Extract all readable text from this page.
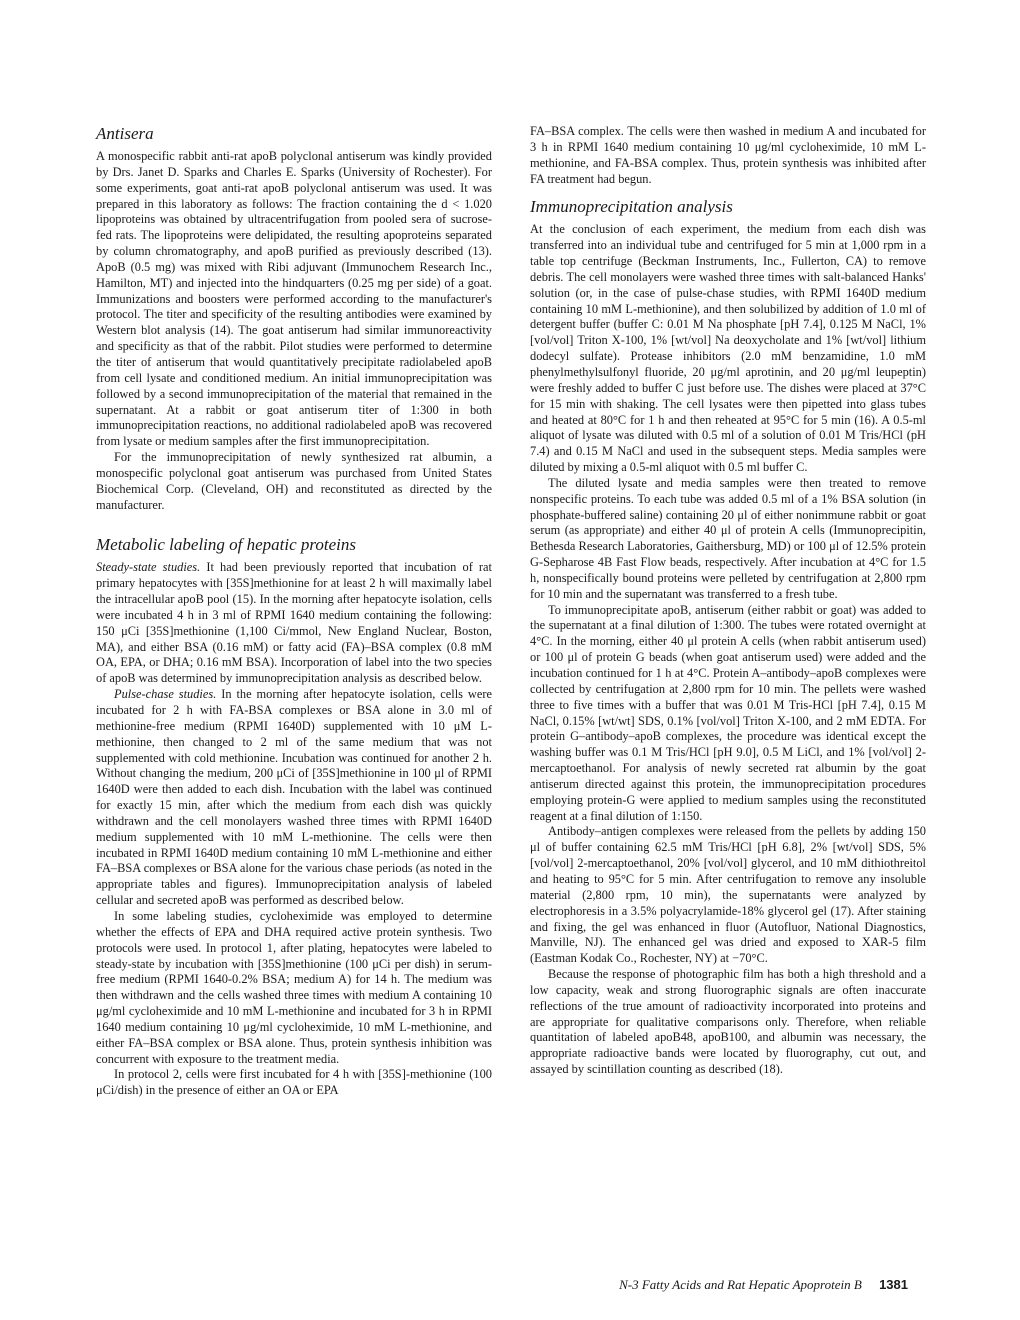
Antisera

A monospecific rabbit anti-rat apoB polyclonal antiserum was kindly provided by Drs. Janet D. Sparks and Charles E. Sparks (University of Rochester). For some experiments, goat anti-rat apoB polyclonal antiserum was used. It was prepared in this laboratory as follows: The fraction containing the d < 1.020 lipoproteins was obtained by ultracentrifugation from pooled sera of sucrose-fed rats. The lipoproteins were delipidated, the resulting apoproteins separated by column chromatography, and apoB purified as previously described (13). ApoB (0.5 mg) was mixed with Ribi adjuvant (Immunochem Research Inc., Hamilton, MT) and injected into the hindquarters (0.25 mg per side) of a goat. Immunizations and boosters were performed according to the manufacturer's protocol. The titer and specificity of the resulting antibodies were examined by Western blot analysis (14). The goat antiserum had similar immunoreactivity and specificity as that of the rabbit. Pilot studies were performed to determine the titer of antiserum that would quantitatively precipitate radiolabeled apoB from cell lysate and conditioned medium. An initial immunoprecipitation was followed by a second immunoprecipitation of the material that remained in the supernatant. At a rabbit or goat antiserum titer of 1:300 in both immunoprecipitation reactions, no additional radiolabeled apoB was recovered from lysate or medium samples after the first immunoprecipitation.

For the immunoprecipitation of newly synthesized rat albumin, a monospecific polyclonal goat antiserum was purchased from United States Biochemical Corp. (Cleveland, OH) and reconstituted as directed by the manufacturer.

Metabolic labeling of hepatic proteins

Steady-state studies. It had been previously reported that incubation of rat primary hepatocytes with [35S]methionine for at least 2 h will maximally label the intracellular apoB pool (15). In the morning after hepatocyte isolation, cells were incubated 4 h in 3 ml of RPMI 1640 medium containing the following: 150 μCi [35S]methionine (1,100 Ci/mmol, New England Nuclear, Boston, MA), and either BSA (0.16 mM) or fatty acid (FA)–BSA complex (0.8 mM OA, EPA, or DHA; 0.16 mM BSA). Incorporation of label into the two species of apoB was determined by immunoprecipitation analysis as described below.

Pulse-chase studies. In the morning after hepatocyte isolation, cells were incubated for 2 h with FA-BSA complexes or BSA alone in 3.0 ml of methionine-free medium (RPMI 1640D) supplemented with 10 μM L-methionine, then changed to 2 ml of the same medium that was not supplemented with cold methionine. Incubation was continued for another 2 h. Without changing the medium, 200 μCi of [35S]methionine in 100 μl of RPMI 1640D were then added to each dish. Incubation with the label was continued for exactly 15 min, after which the medium from each dish was quickly withdrawn and the cell monolayers washed three times with RPMI 1640D medium supplemented with 10 mM L-methionine. The cells were then incubated in RPMI 1640D medium containing 10 mM L-methionine and either FA–BSA complexes or BSA alone for the various chase periods (as noted in the appropriate tables and figures). Immunoprecipitation analysis of labeled cellular and secreted apoB was performed as described below.

In some labeling studies, cycloheximide was employed to determine whether the effects of EPA and DHA required active protein synthesis. Two protocols were used. In protocol 1, after plating, hepatocytes were labeled to steady-state by incubation with [35S]methionine (100 μCi per dish) in serum-free medium (RPMI 1640-0.2% BSA; medium A) for 14 h. The medium was then withdrawn and the cells washed three times with medium A containing 10 μg/ml cycloheximide and 10 mM L-methionine and incubated for 3 h in RPMI 1640 medium containing 10 μg/ml cycloheximide, 10 mM L-methionine, and either FA–BSA complex or BSA alone. Thus, protein synthesis inhibition was concurrent with exposure to the treatment media.

In protocol 2, cells were first incubated for 4 h with [35S]-methionine (100 μCi/dish) in the presence of either an OA or EPA

FA–BSA complex. The cells were then washed in medium A and incubated for 3 h in RPMI 1640 medium containing 10 μg/ml cycloheximide, 10 mM L-methionine, and FA-BSA complex. Thus, protein synthesis was inhibited after FA treatment had begun.

Immunoprecipitation analysis

At the conclusion of each experiment, the medium from each dish was transferred into an individual tube and centrifuged for 5 min at 1,000 rpm in a table top centrifuge (Beckman Instruments, Inc., Fullerton, CA) to remove debris. The cell monolayers were washed three times with salt-balanced Hanks' solution (or, in the case of pulse-chase studies, with RPMI 1640D medium containing 10 mM L-methionine), and then solubilized by addition of 1.0 ml of detergent buffer (buffer C: 0.01 M Na phosphate [pH 7.4], 0.125 M NaCl, 1% [vol/vol] Triton X-100, 1% [wt/vol] Na deoxycholate and 1% [wt/vol] lithium dodecyl sulfate). Protease inhibitors (2.0 mM benzamidine, 1.0 mM phenylmethylsulfonyl fluoride, 20 μg/ml aprotinin, and 20 μg/ml leupeptin) were freshly added to buffer C just before use. The dishes were placed at 37°C for 15 min with shaking. The cell lysates were then pipetted into glass tubes and heated at 80°C for 1 h and then reheated at 95°C for 5 min (16). A 0.5-ml aliquot of lysate was diluted with 0.5 ml of a solution of 0.01 M Tris/HCl (pH 7.4) and 0.15 M NaCl and used in the subsequent steps. Media samples were diluted by mixing a 0.5-ml aliquot with 0.5 ml buffer C.

The diluted lysate and media samples were then treated to remove nonspecific proteins. To each tube was added 0.5 ml of a 1% BSA solution (in phosphate-buffered saline) containing 20 μl of either nonimmune rabbit or goat serum (as appropriate) and either 40 μl of protein A cells (Immunoprecipitin, Bethesda Research Laboratories, Gaithersburg, MD) or 100 μl of 12.5% protein G-Sepharose 4B Fast Flow beads, respectively. After incubation at 4°C for 1.5 h, nonspecifically bound proteins were pelleted by centrifugation at 2,800 rpm for 10 min and the supernatant was transferred to a fresh tube.

To immunoprecipitate apoB, antiserum (either rabbit or goat) was added to the supernatant at a final dilution of 1:300. The tubes were rotated overnight at 4°C. In the morning, either 40 μl protein A cells (when rabbit antiserum used) or 100 μl of protein G beads (when goat antiserum used) were added and the incubation continued for 1 h at 4°C. Protein A–antibody–apoB complexes were collected by centrifugation at 2,800 rpm for 10 min. The pellets were washed three to five times with a buffer that was 0.01 M Tris-HCl [pH 7.4], 0.15 M NaCl, 0.15% [wt/wt] SDS, 0.1% [vol/vol] Triton X-100, and 2 mM EDTA. For protein G–antibody–apoB complexes, the procedure was identical except the washing buffer was 0.1 M Tris/HCl [pH 9.0], 0.5 M LiCl, and 1% [vol/vol] 2-mercaptoethanol. For analysis of newly secreted rat albumin by the goat antiserum directed against this protein, the immunoprecipitation procedures employing protein-G were applied to medium samples using the reconstituted reagent at a final dilution of 1:150.

Antibody–antigen complexes were released from the pellets by adding 150 μl of buffer containing 62.5 mM Tris/HCl [pH 6.8], 2% [wt/vol] SDS, 5% [vol/vol] 2-mercaptoethanol, 20% [vol/vol] glycerol, and 10 mM dithiothreitol and heating to 95°C for 5 min. After centrifugation to remove any insoluble material (2,800 rpm, 10 min), the supernatants were analyzed by electrophoresis in a 3.5% polyacrylamide-18% glycerol gel (17). After staining and fixing, the gel was enhanced in fluor (Autofluor, National Diagnostics, Manville, NJ). The enhanced gel was dried and exposed to XAR-5 film (Eastman Kodak Co., Rochester, NY) at −70°C.

Because the response of photographic film has both a high threshold and a low capacity, weak and strong fluorographic signals are often inaccurate reflections of the true amount of radioactivity incorporated into proteins and are appropriate for qualitative comparisons only. Therefore, when reliable quantitation of labeled apoB48, apoB100, and albumin was necessary, the appropriate radioactive bands were located by fluorography, cut out, and assayed by scintillation counting as described (18).

N-3 Fatty Acids and Rat Hepatic Apoprotein B 1381
